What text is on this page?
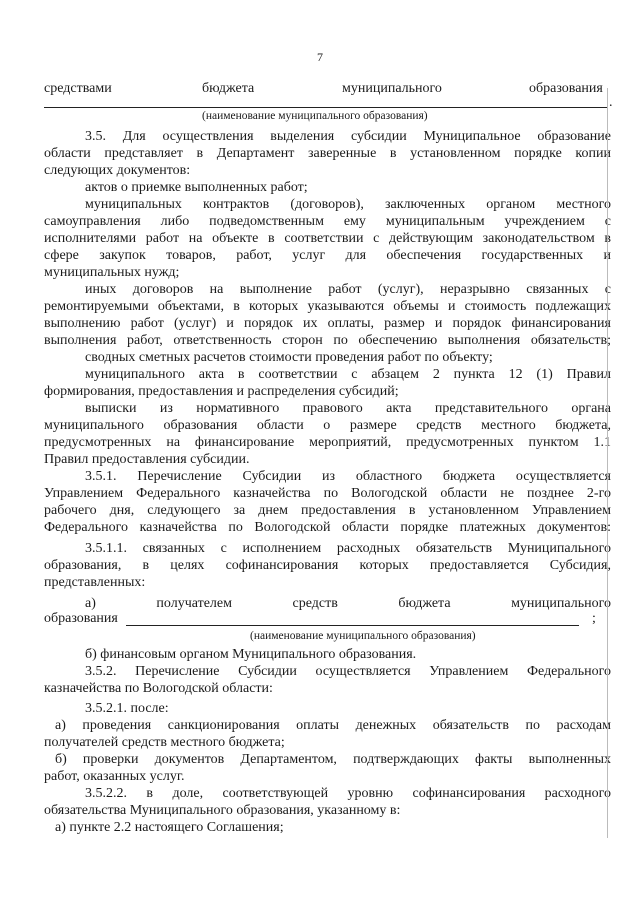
7
средствами	бюджета	муниципального	образования
.
(наименование муниципального образования)
3.5. Для осуществления выделения субсидии Муниципальное образование
области представляет в Департамент заверенные в установленном порядке копии
следующих документов:
актов о приемке выполненных работ;
муниципальных контрактов (договоров), заключенных органом местного
самоуправления либо подведомственным ему муниципальным учреждением с
исполнителями работ на объекте в соответствии с действующим законодательством в
сфере закупок товаров, работ, услуг для обеспечения государственных и
муниципальных нужд;
иных договоров на выполнение работ (услуг), неразрывно связанных с
ремонтируемыми объектами, в которых указываются объемы и стоимость подлежащих
выполнению работ (услуг) и порядок их оплаты, размер и порядок финансирования
выполнения работ, ответственность сторон по обеспечению выполнения обязательств;
сводных сметных расчетов стоимости проведения работ по объекту;
муниципального акта в соответствии с абзацем 2 пункта 12 (1) Правил
формирования, предоставления и распределения субсидий;
выписки из нормативного правового акта представительного органа
муниципального образования области о размере средств местного бюджета,
предусмотренных на финансирование мероприятий, предусмотренных пунктом 1.1
Правил предоставления субсидии.
3.5.1. Перечисление Субсидии из областного бюджета осуществляется
Управлением Федерального казначейства по Вологодской области не позднее 2-го
рабочего дня, следующего за днем предоставления в установленном Управлением
Федерального казначейства по Вологодской области порядке платежных документов:
3.5.1.1. связанных с исполнением расходных обязательств Муниципального
образования, в целях софинансирования которых предоставляется Субсидия,
представленных:
а) получателем средств бюджета муниципального
образования	;
(наименование муниципального образования)
б) финансовым органом Муниципального образования.
3.5.2. Перечисление Субсидии осуществляется Управлением Федерального
казначейства по Вологодской области:
3.5.2.1. после:
а) проведения санкционирования оплаты денежных обязательств по расходам
получателей средств местного бюджета;
б) проверки документов Департаментом, подтверждающих факты выполненных
работ, оказанных услуг.
3.5.2.2. в доле, соответствующей уровню софинансирования расходного
обязательства Муниципального образования, указанному в:
а) пункте 2.2 настоящего Соглашения;
